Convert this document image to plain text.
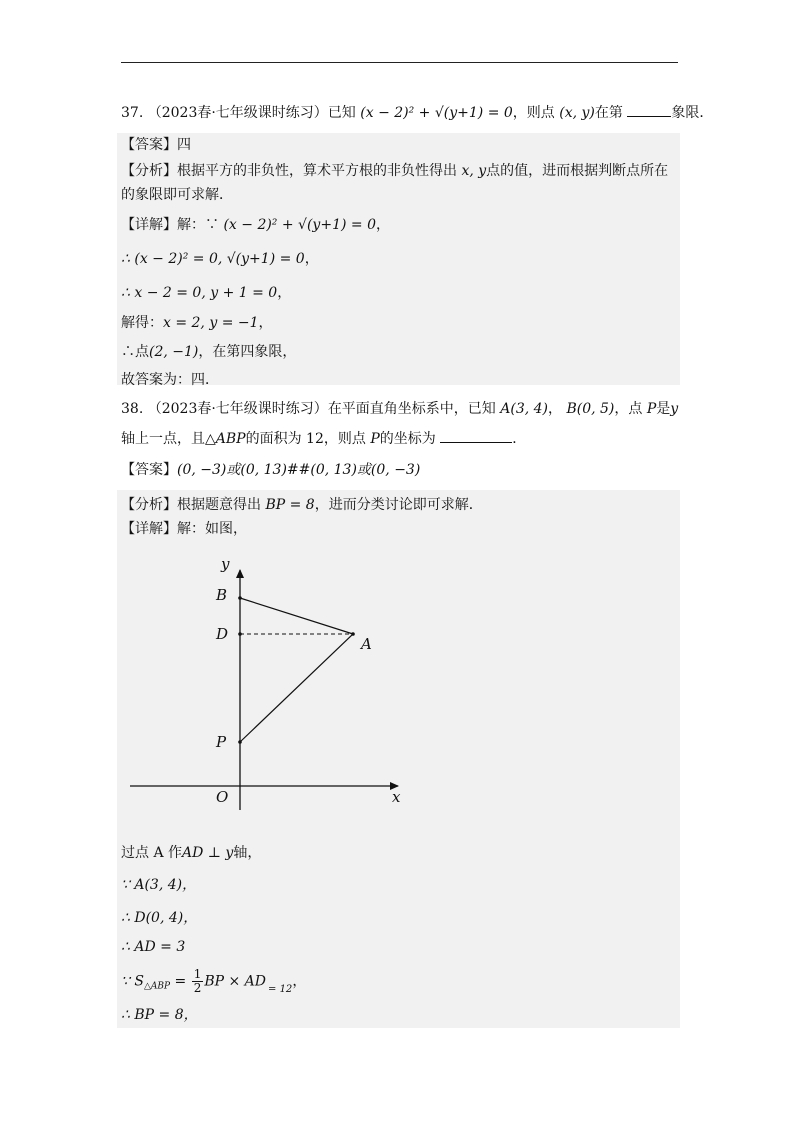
37. （2023春·七年级课时练习）已知 (x − 2)² + √(y+1) = 0，则点 (x, y)在第	象限．
【答案】四
【分析】根据平方的非负性，算术平方根的非负性得出 x, y点的值，进而根据判断点所在
的象限即可求解．
【详解】解：∵ (x − 2)² + √(y+1) = 0，
∴ (x − 2)² = 0, √(y+1) = 0，
∴ x − 2 = 0, y + 1 = 0，
解得：x = 2, y = −1，
∴点(2, −1)，在第四象限，
故答案为：四．
38. （2023春·七年级课时练习）在平面直角坐标系中，已知 A(3, 4)， B(0, 5)，点 P是y
轴上一点，且△ABP的面积为 12，则点 P的坐标为	．
【答案】(0, −3)或(0, 13)##(0, 13)或(0, −3)
【分析】根据题意得出 BP = 8，进而分类讨论即可求解．
【详解】解：如图，
y
x
B
D
A
P
O
过点 A 作AD ⊥ y轴，
∵ A(3, 4)，
∴ D(0, 4)，
∴ AD = 3
∵ $S_{\triangle ABP} = \frac{1}{2}$ BP × AD $_{= 12}$，
∴ BP = 8，
